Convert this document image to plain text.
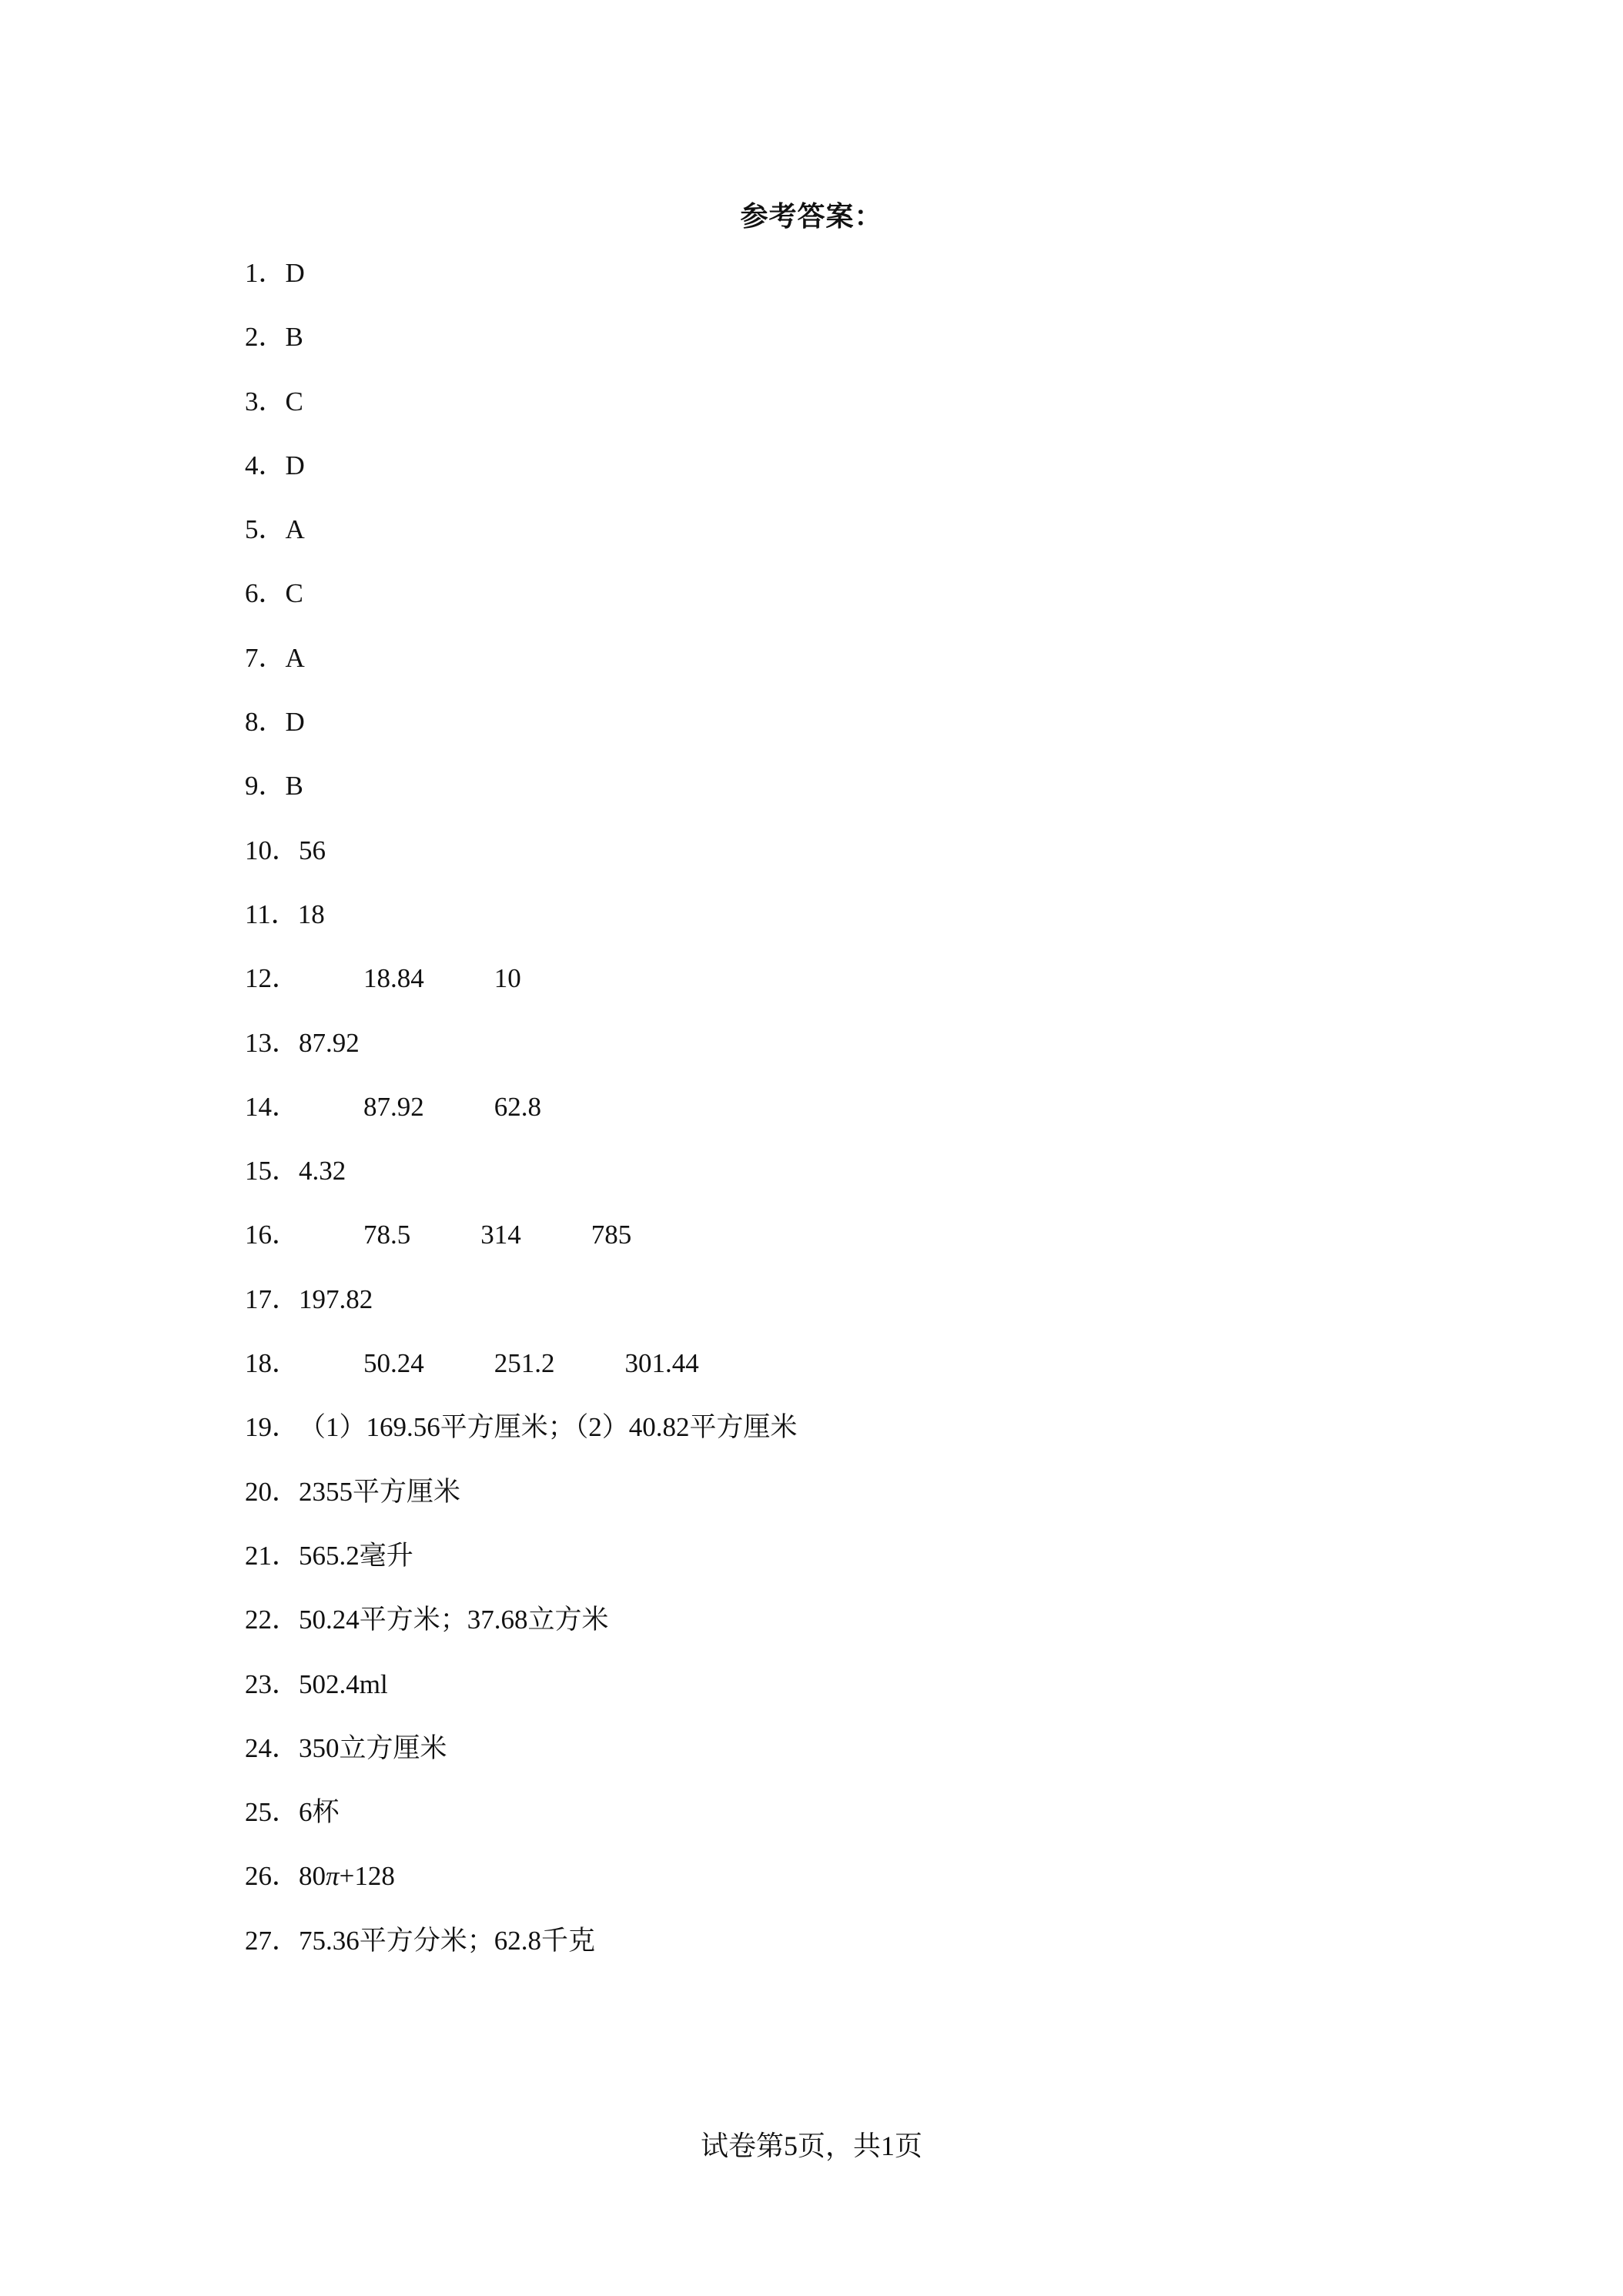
参考答案：
1．D
2．B
3．C
4．D
5．A
6．C
7．A
8．D
9．B
10．56
11．18
12． 18.84	10
13．87.92
14． 87.92	62.8
15．4.32
16． 78.5	314	785
17．197.82
18． 50.24	251.2	301.44
19．（1）169.56平方厘米；（2）40.82平方厘米
20．2355平方厘米
21．565.2毫升
22．50.24平方米；37.68立方米
23．502.4ml
24．350立方厘米
25．6杯
26．80π+128
27．75.36平方分米；62.8千克
试卷第5页，共1页
